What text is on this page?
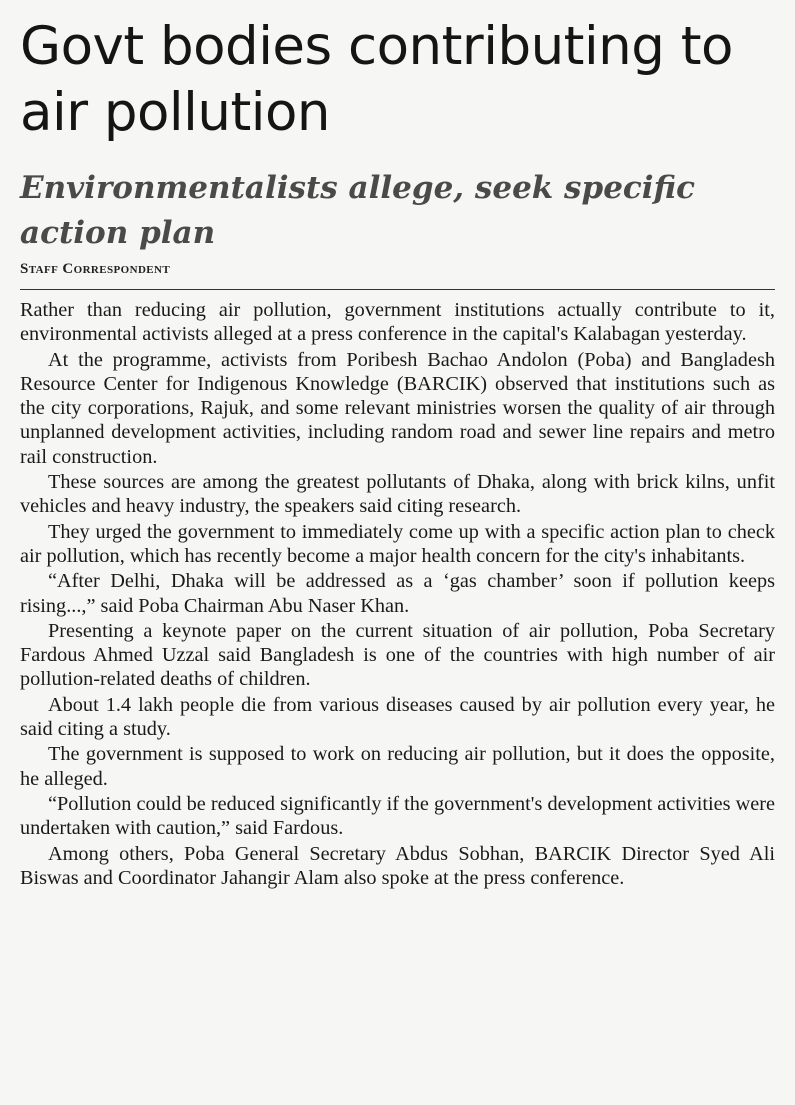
Govt bodies contributing to air pollution
Environmentalists allege, seek specific action plan
Staff Correspondent

Rather than reducing air pollution, government institutions actually contribute to it, environmental activists alleged at a press conference in the capital's Kalabagan yesterday.

At the programme, activists from Poribesh Bachao Andolon (Poba) and Bangladesh Resource Center for Indigenous Knowledge (BARCIK) observed that institutions such as the city corporations, Rajuk, and some relevant ministries worsen the quality of air through unplanned development activities, including random road and sewer line repairs and metro rail construction.

These sources are among the greatest pollutants of Dhaka, along with brick kilns, unfit vehicles and heavy industry, the speakers said citing research.

They urged the government to immediately come up with a specific action plan to check air pollution, which has recently become a major health concern for the city's inhabitants.

“After Delhi, Dhaka will be addressed as a ‘gas chamber’ soon if pollution keeps rising...,” said Poba Chairman Abu Naser Khan.

Presenting a keynote paper on the current situation of air pollution, Poba Secretary Fardous Ahmed Uzzal said Bangladesh is one of the countries with high number of air pollution-related deaths of children.

About 1.4 lakh people die from various diseases caused by air pollution every year, he said citing a study.

The government is supposed to work on reducing air pollution, but it does the opposite, he alleged.

“Pollution could be reduced significantly if the government's development activities were undertaken with caution,” said Fardous.

Among others, Poba General Secretary Abdus Sobhan, BARCIK Director Syed Ali Biswas and Coordinator Jahangir Alam also spoke at the press conference.
